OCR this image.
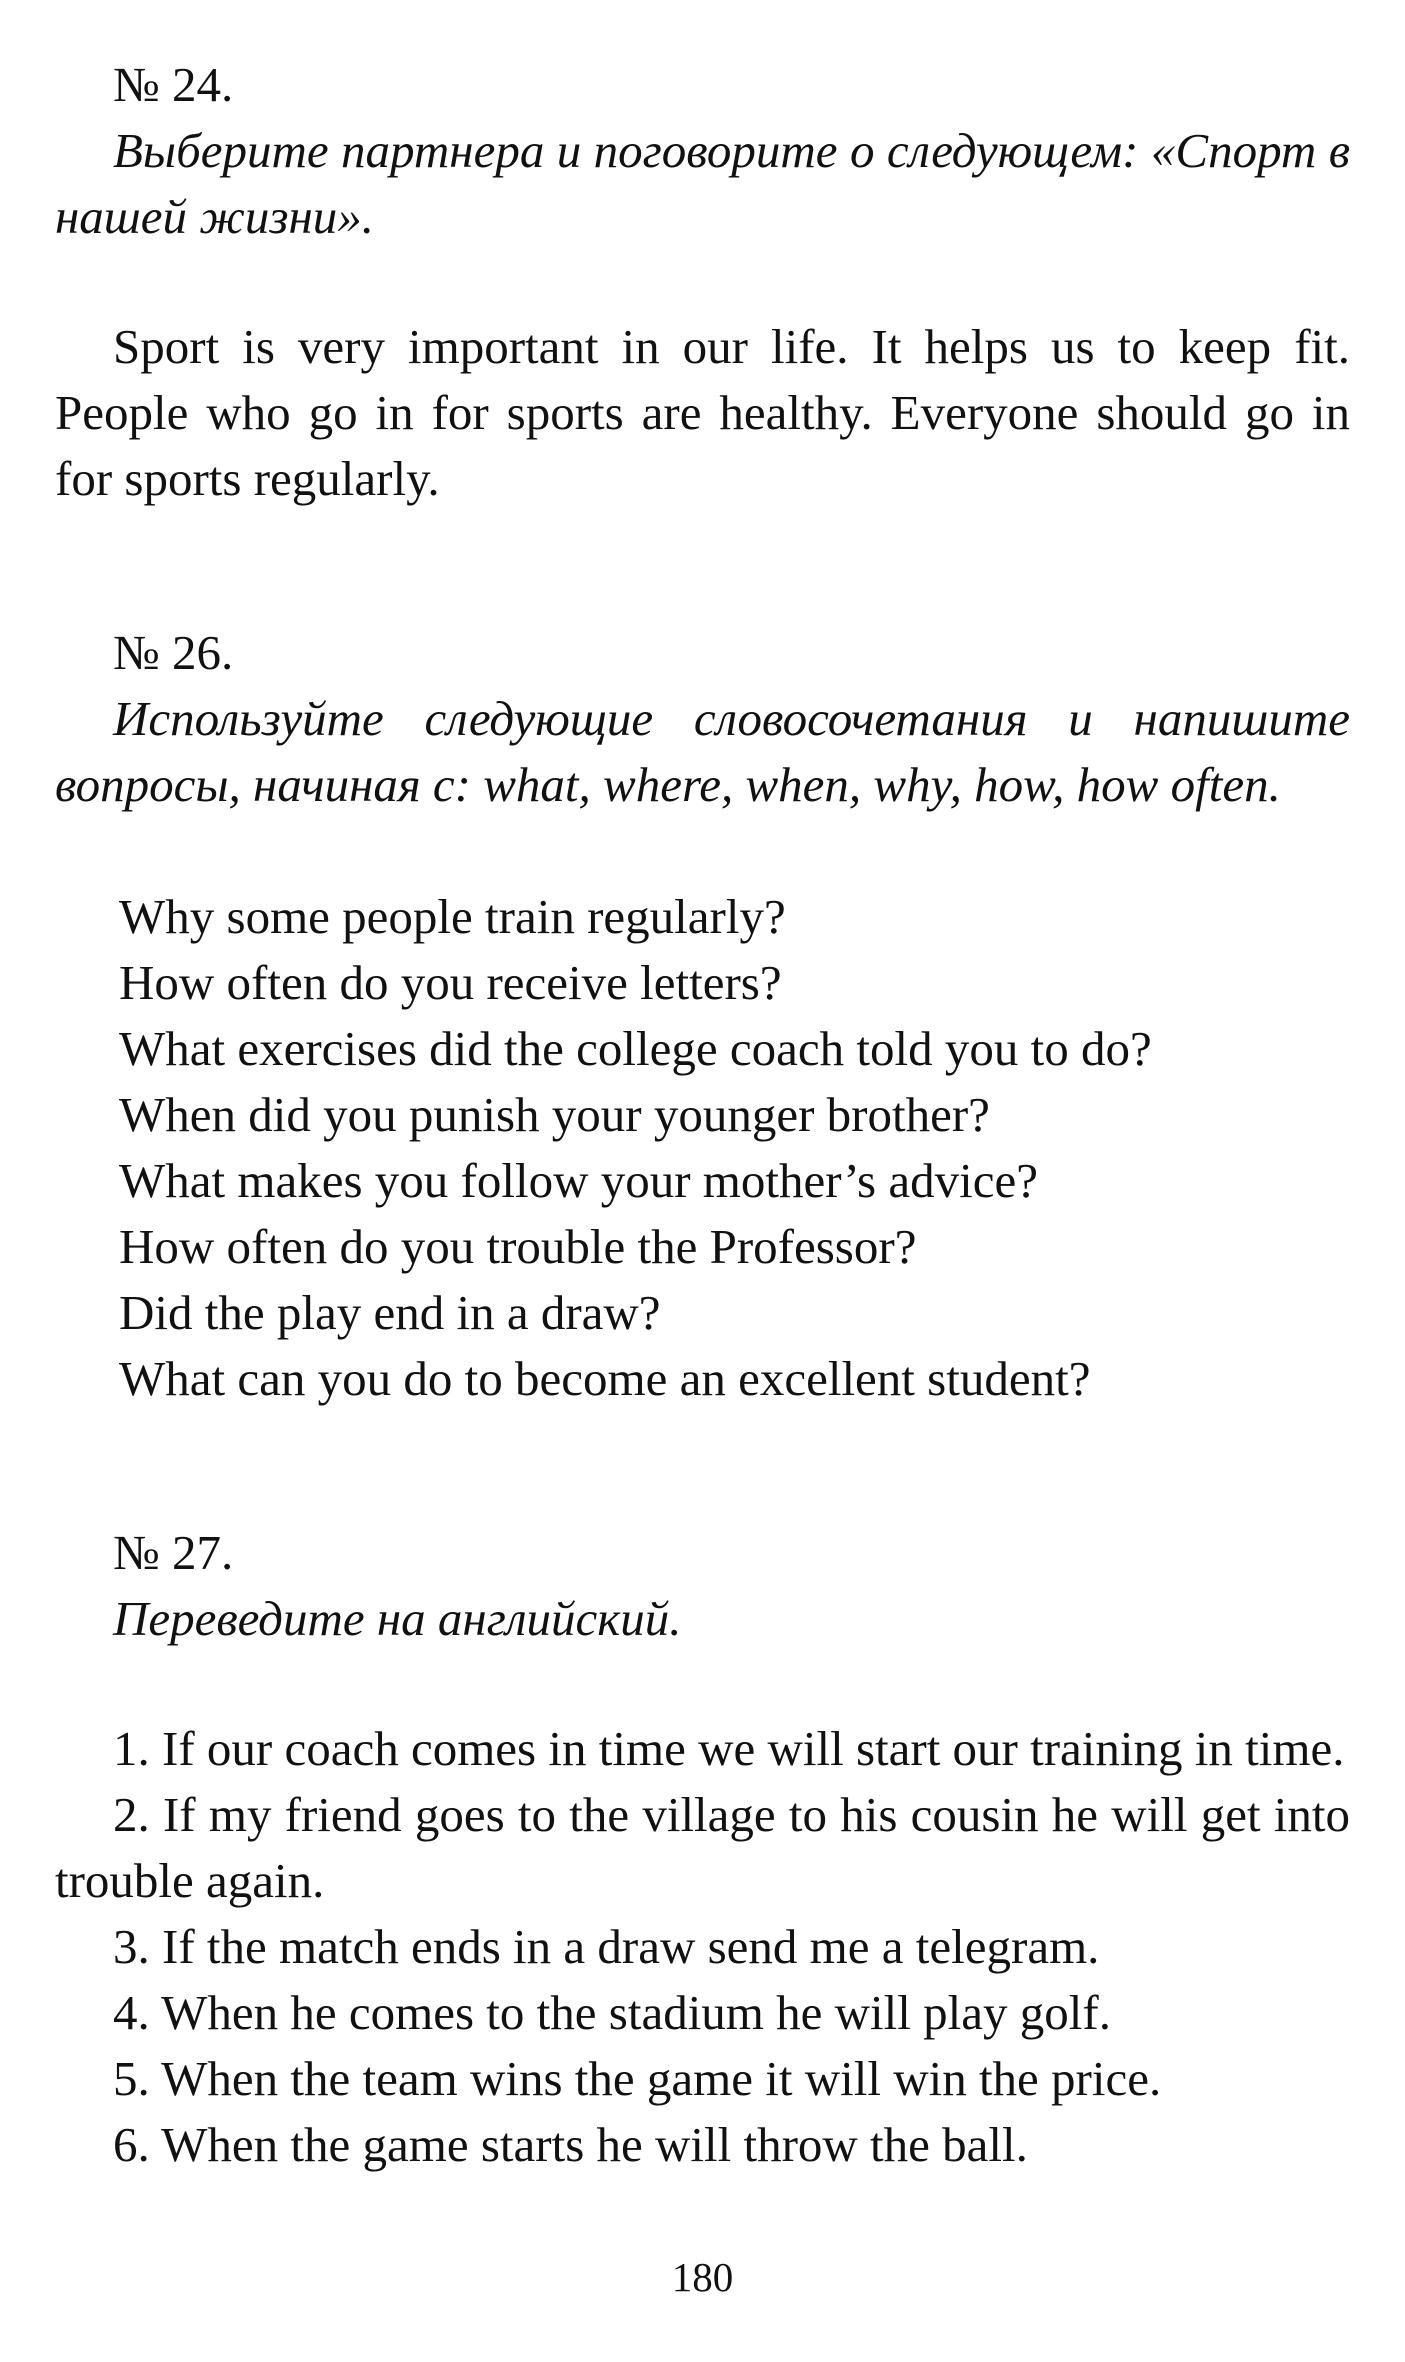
№ 24.

Выберите партнера и поговорите о следующем: «Спорт в нашей жизни».

Sport is very important in our life. It helps us to keep fit. People who go in for sports are healthy. Everyone should go in for sports regularly.

№ 26.

Используйте следующие словосочетания и напишите вопросы, начиная с: what, where, when, why, how, how often.

Why some people train regularly?
How often do you receive letters?
What exercises did the college coach told you to do?
When did you punish your younger brother?
What makes you follow your mother’s advice?
How often do you trouble the Professor?
Did the play end in a draw?
What can you do to become an excellent student?

№ 27.

Переведите на английский.

1. If our coach comes in time we will start our training in time.
2. If my friend goes to the village to his cousin he will get into trouble again.
3. If the match ends in a draw send me a telegram.
4. When he comes to the stadium he will play golf.
5. When the team wins the game it will win the price.
6. When the game starts he will throw the ball.
180
